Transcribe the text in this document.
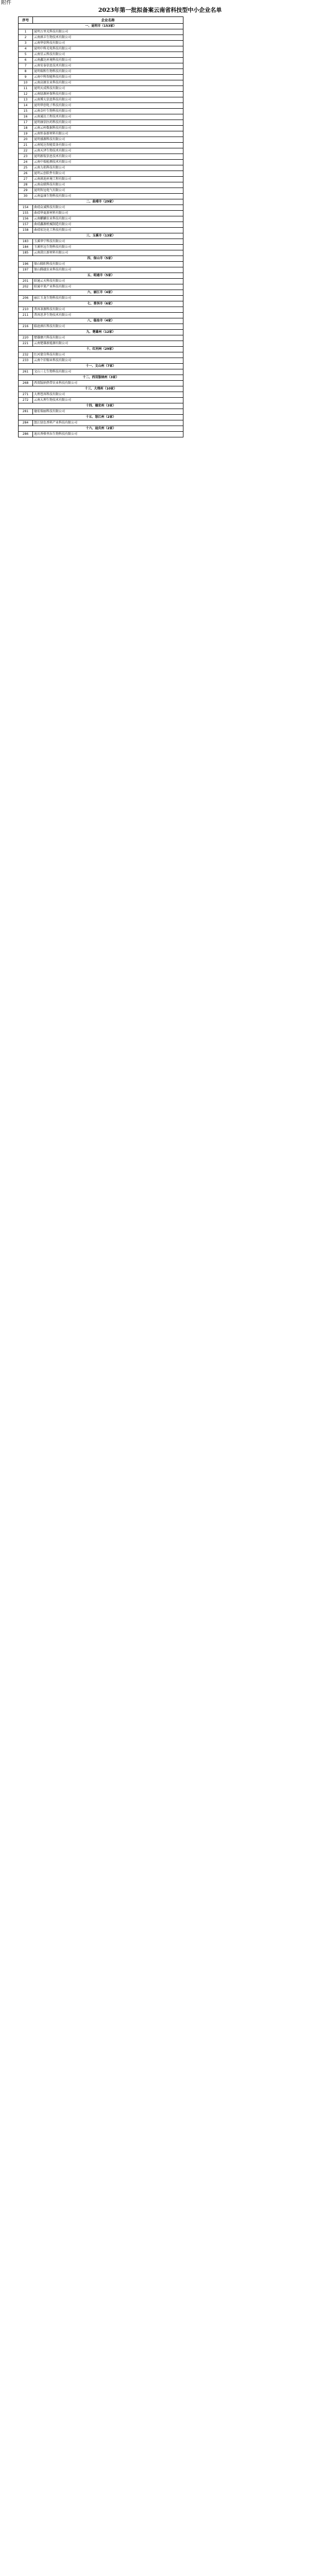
附件
2023年第一批拟备案云南省科技型中小企业名单
序号	企业名称
一、昆明市（153家）	
1	昆明万里光科技有限公司
2	云南滇丰生物技术有限公司
3	云南华信科技有限公司
4	昆明中科光电科技有限公司
5	云南星云科技有限公司
6	云南鑫达环境科技有限公司
7	云南安泰信息技术有限公司
8	昆明瑞和生物科技有限公司
9	云南中科智能科技有限公司
10	云南高原农业科技有限公司
11	昆明天成科技有限公司
12	云南绿源环保科技有限公司
13	云南博大信息科技有限公司
14	昆明华创电子科技有限公司
15	云南金叶生物科技有限公司
16	云南通达工程技术有限公司
17	昆明康信医药科技有限公司
18	云南云岭数据科技有限公司
19	云南恒泰新材料有限公司
20	昆明盛源科技有限公司
21	云南锐达智能装备有限公司
22	云南天泽生物技术有限公司
23	昆明新航信息技术有限公司
24	云南中瑞检测技术有限公司
25	云南力拓科技有限公司
26	昆明云创软件有限公司
27	云南滇池环境工程有限公司
28	云南众联科技有限公司
29	昆明智远电气有限公司
30	云南益康生物科技有限公司
二、曲靖市（29家）	
154	曲靖众诚科技有限公司
155	曲靖华夏新材料有限公司
156	云南麒麟农业科技有限公司
157	曲靖鑫源机械制造有限公司
158	曲靖宏达化工科技有限公司
三、玉溪市（13家）	
183	玉溪华宁科技有限公司
184	玉溪恒远生物科技有限公司
185	云南澄江新材料有限公司
四、保山市（5家）	
196	保山隆阳科技有限公司
197	保山腾越农业科技有限公司
五、昭通市（5家）	
201	昭通云天科技有限公司
202	昭通苹果产业科技有限公司
六、丽江市（4家）	
206	丽江玉龙生物科技有限公司
七、普洱市（6家）	
210	普洱茶源科技有限公司
211	普洱思茅生物技术有限公司
八、临沧市（4家）	
216	临沧滇红科技有限公司
九、楚雄州（12家）	
220	楚雄彝兴科技有限公司
221	云南楚雄新能源有限公司
十、红河州（29家）	
232	红河蒙自科技有限公司
233	云南个旧锡业科技有限公司
十一、文山州（7家）	
261	文山三七生物科技有限公司
十二、西双版纳州（3家）	
268	西双版纳热带农业科技有限公司
十三、大理州（10家）	
271	大理苍洱科技有限公司
272	云南大理生物技术有限公司
十四、德宏州（3家）	
281	德宏瑞丽科技有限公司
十五、怒江州（2家）	
284	怒江绿色香料产业科技有限公司
十六、迪庆州（2家）	
286	迪庆香格里拉生物科技有限公司
